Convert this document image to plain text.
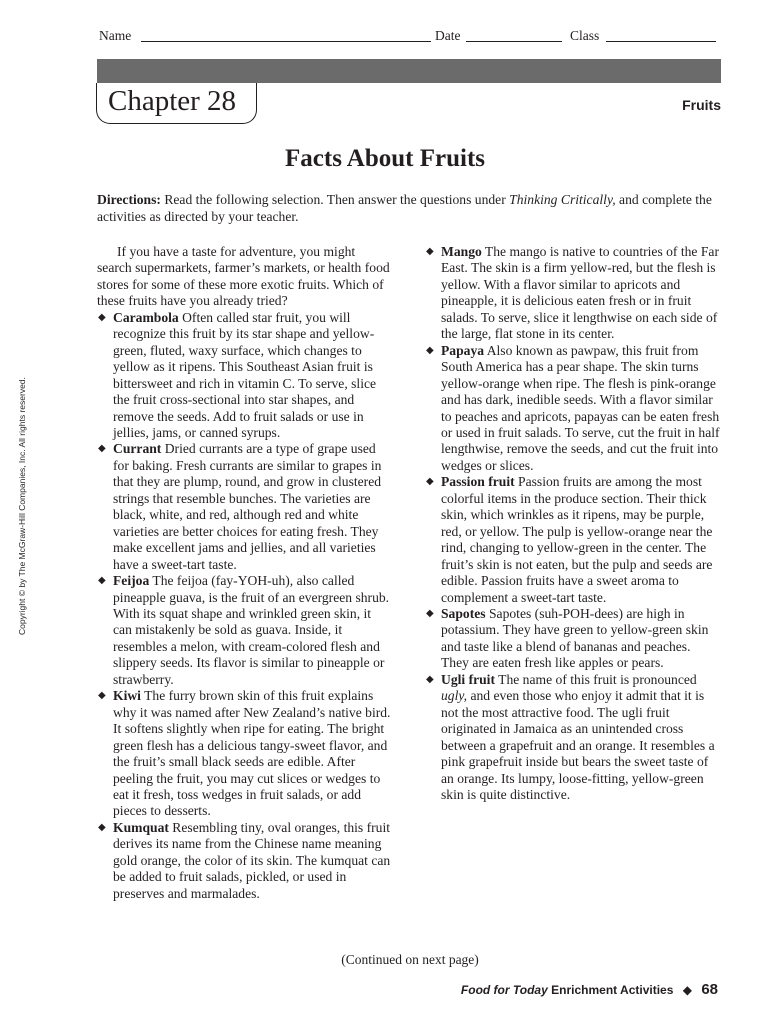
Name	Date	Class
Chapter 28	Fruits
Facts About Fruits
Directions: Read the following selection. Then answer the questions under Thinking Critically, and complete the activities as directed by your teacher.
Copyright © by The McGraw-Hill Companies, Inc. All rights reserved.

If you have a taste for adventure, you might search supermarkets, farmer’s markets, or health food stores for some of these more exotic fruits. Which of these fruits have you already tried?

◆ Carambola Often called star fruit, you will recognize this fruit by its star shape and yellow-green, fluted, waxy surface, which changes to yellow as it ripens. This Southeast Asian fruit is bittersweet and rich in vitamin C. To serve, slice the fruit cross-sectional into star shapes, and remove the seeds. Add to fruit salads or use in jellies, jams, or canned syrups.

◆ Currant Dried currants are a type of grape used for baking. Fresh currants are similar to grapes in that they are plump, round, and grow in clustered strings that resemble bunches. The varieties are black, white, and red, although red and white varieties are better choices for eating fresh. They make excellent jams and jellies, and all varieties have a sweet-tart taste.

◆ Feijoa The feijoa (fay-YOH-uh), also called pineapple guava, is the fruit of an evergreen shrub. With its squat shape and wrinkled green skin, it can mistakenly be sold as guava. Inside, it resembles a melon, with cream-colored flesh and slippery seeds. Its flavor is similar to pineapple or strawberry.

◆ Kiwi The furry brown skin of this fruit explains why it was named after New Zealand’s native bird. It softens slightly when ripe for eating. The bright green flesh has a delicious tangy-sweet flavor, and the fruit’s small black seeds are edible. After peeling the fruit, you may cut slices or wedges to eat it fresh, toss wedges in fruit salads, or add pieces to desserts.

◆ Kumquat Resembling tiny, oval oranges, this fruit derives its name from the Chinese name meaning gold orange, the color of its skin. The kumquat can be added to fruit salads, pickled, or used in preserves and marmalades.

◆ Mango The mango is native to countries of the Far East. The skin is a firm yellow-red, but the flesh is yellow. With a flavor similar to apricots and pineapple, it is delicious eaten fresh or in fruit salads. To serve, slice it lengthwise on each side of the large, flat stone in its center.

◆ Papaya Also known as pawpaw, this fruit from South America has a pear shape. The skin turns yellow-orange when ripe. The flesh is pink-orange and has dark, inedible seeds. With a flavor similar to peaches and apricots, papayas can be eaten fresh or used in fruit salads. To serve, cut the fruit in half lengthwise, remove the seeds, and cut the fruit into wedges or slices.

◆ Passion fruit Passion fruits are among the most colorful items in the produce section. Their thick skin, which wrinkles as it ripens, may be purple, red, or yellow. The pulp is yellow-orange near the rind, changing to yellow-green in the center. The fruit’s skin is not eaten, but the pulp and seeds are edible. Passion fruits have a sweet aroma to complement a sweet-tart taste.

◆ Sapotes Sapotes (suh-POH-dees) are high in potassium. They have green to yellow-green skin and taste like a blend of bananas and peaches. They are eaten fresh like apples or pears.

◆ Ugli fruit The name of this fruit is pronounced ugly, and even those who enjoy it admit that it is not the most attractive food. The ugli fruit originated in Jamaica as an unintended cross between a grapefruit and an orange. It resembles a pink grapefruit inside but bears the sweet taste of an orange. Its lumpy, loose-fitting, yellow-green skin is quite distinctive.

(Continued on next page)
Food for Today Enrichment Activities ◆ 68
